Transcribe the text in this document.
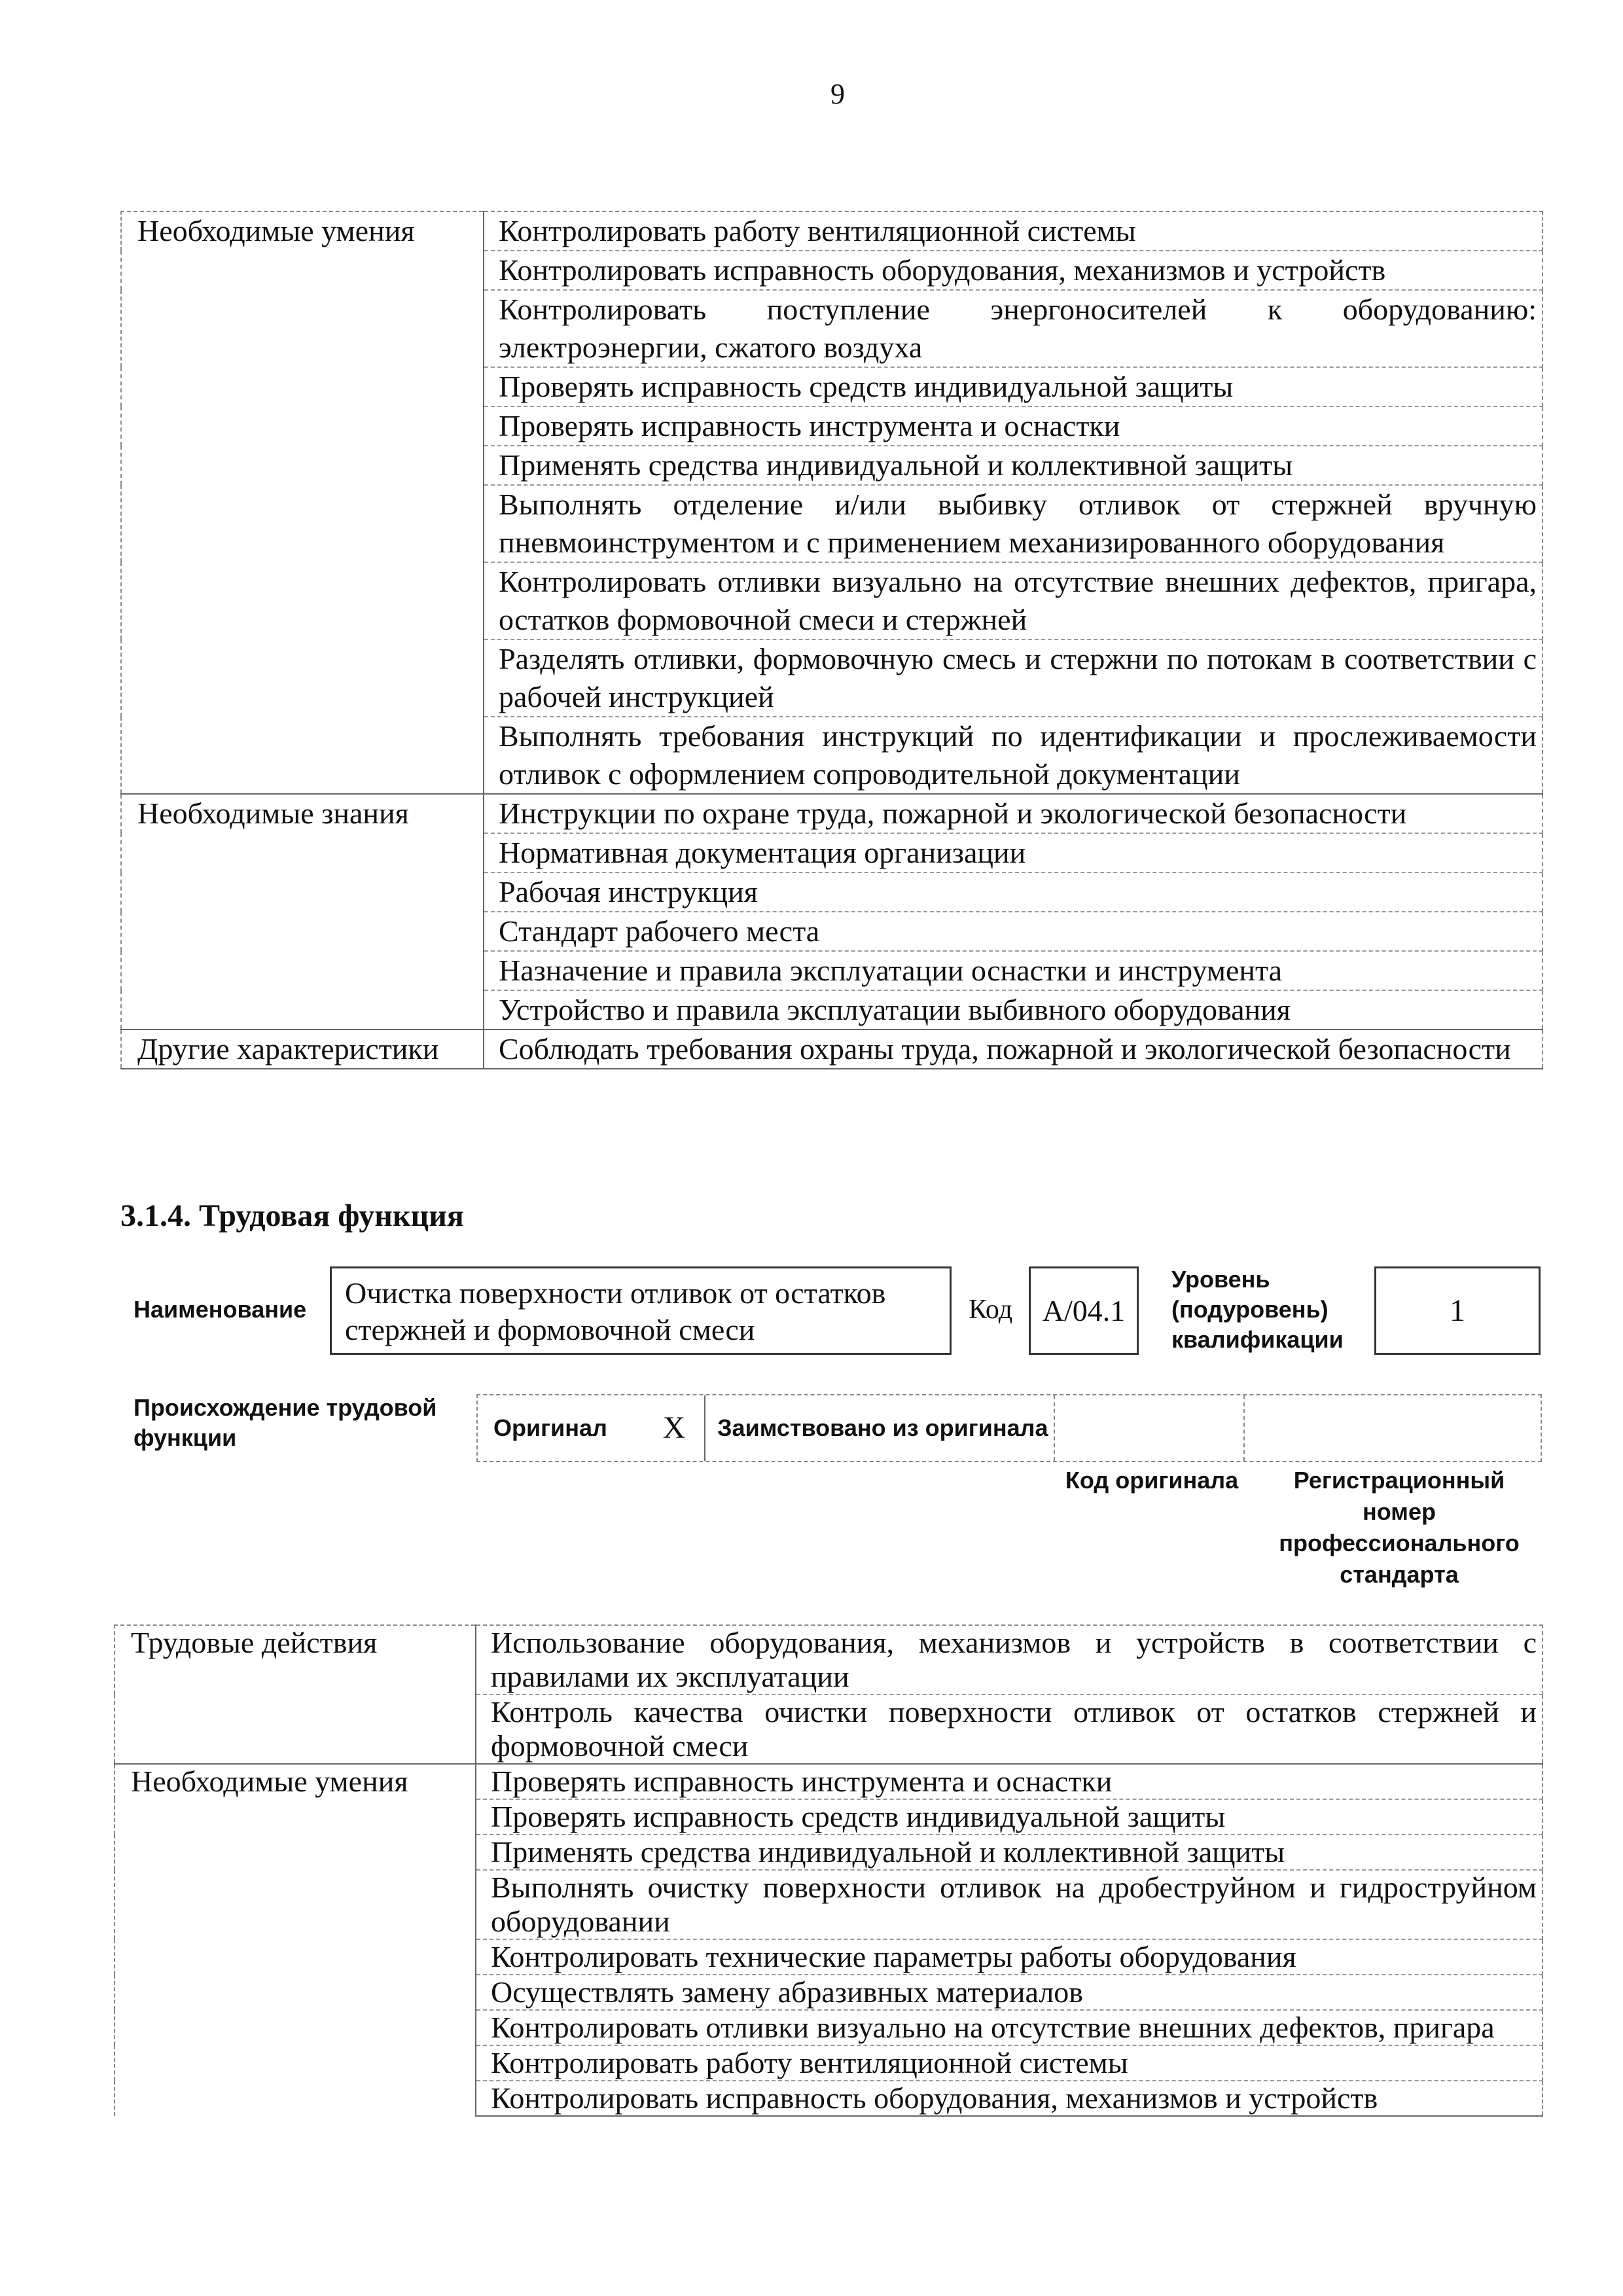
9
Необходимые умения	Контролировать работу вентиляционной системы
	Контролировать исправность оборудования, механизмов и устройств
	Контролировать поступление энергоносителей к оборудованию: электроэнергии, сжатого воздуха
	Проверять исправность средств индивидуальной защиты
	Проверять исправность инструмента и оснастки
	Применять средства индивидуальной и коллективной защиты
	Выполнять отделение и/или выбивку отливок от стержней вручную пневмоинструментом и с применением механизированного оборудования
	Контролировать отливки визуально на отсутствие внешних дефектов, пригара, остатков формовочной смеси и стержней
	Разделять отливки, формовочную смесь и стержни по потокам в соответствии с рабочей инструкцией
	Выполнять требования инструкций по идентификации и прослеживаемости отливок с оформлением сопроводительной документации
Необходимые знания	Инструкции по охране труда, пожарной и экологической безопасности
	Нормативная документация организации
	Рабочая инструкция
	Стандарт рабочего места
	Назначение и правила эксплуатации оснастки и инструмента
	Устройство и правила эксплуатации выбивного оборудования
Другие характеристики	Соблюдать требования охраны труда, пожарной и экологической безопасности
3.1.4. Трудовая функция
Наименование	Очистка поверхности отливок от остатков стержней и формовочной смеси
Код A/04.1
Уровень (подуровень) квалификации
1
Происхождение трудовой функции	Оригинал	X	Заимствовано из оригинала
Код оригинала	Регистрационный номер профессионального стандарта
Трудовые действия	Использование оборудования, механизмов и устройств в соответствии с правилами их эксплуатации
	Контроль качества очистки поверхности отливок от остатков стержней и формовочной смеси
Необходимые умения	Проверять исправность инструмента и оснастки
	Проверять исправность средств индивидуальной защиты
	Применять средства индивидуальной и коллективной защиты
	Выполнять очистку поверхности отливок на дробеструйном и гидроструйном оборудовании
	Контролировать технические параметры работы оборудования
	Осуществлять замену абразивных материалов
	Контролировать отливки визуально на отсутствие внешних дефектов, пригара
	Контролировать работу вентиляционной системы
	Контролировать исправность оборудования, механизмов и устройств
